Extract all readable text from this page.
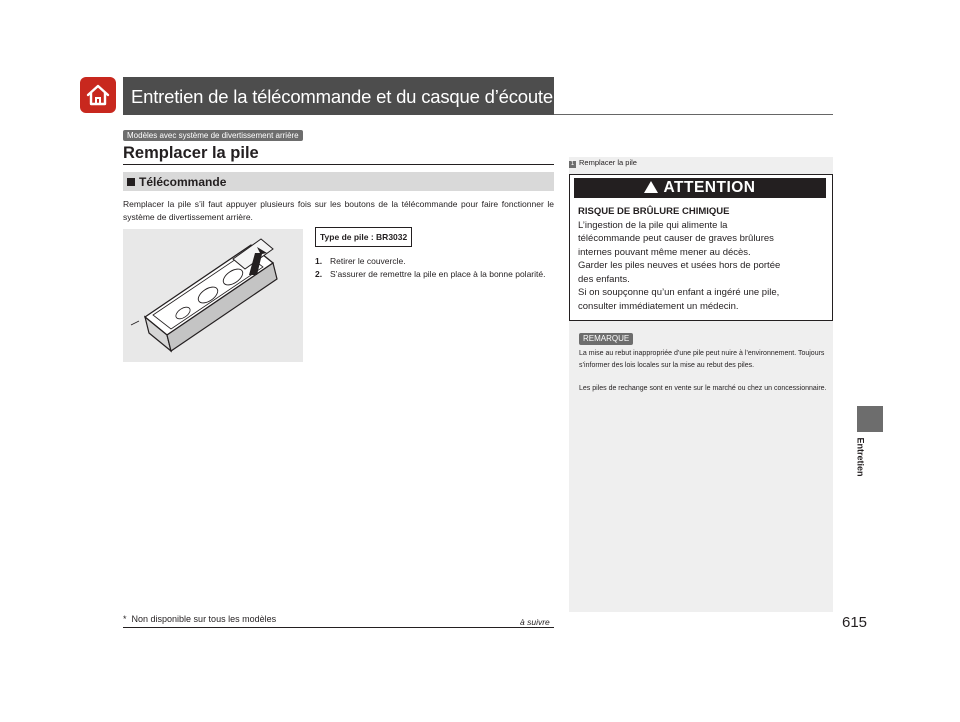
Entretien de la télécommande et du casque d’écoute sans fil*
Modèles avec système de divertissement arrière
Remplacer la pile
Télécommande
Remplacer la pile s’il faut appuyer plusieurs fois sur les boutons de la télécommande pour faire fonctionner le système de divertissement arrière.
Type de pile : BR3032
1. Retirer le couvercle.
2. S’assurer de remettre la pile en place à la bonne polarité.
1 Remplacer la pile
ATTENTION
RISQUE DE BRÛLURE CHIMIQUE
L’ingestion de la pile qui alimente la
télécommande peut causer de graves brûlures
internes pouvant même mener au décès.
Garder les piles neuves et usées hors de portée
des enfants.
Si on soupçonne qu’un enfant a ingéré une pile,
consulter immédiatement un médecin.
REMARQUE

La mise au rebut inappropriée d’une pile peut nuire à l’environnement. Toujours s’informer des lois locales sur la mise au rebut des piles.

Les piles de rechange sont en vente sur le marché ou chez un concessionnaire.

Entretien
* Non disponible sur tous les modèles	à suivre	615
